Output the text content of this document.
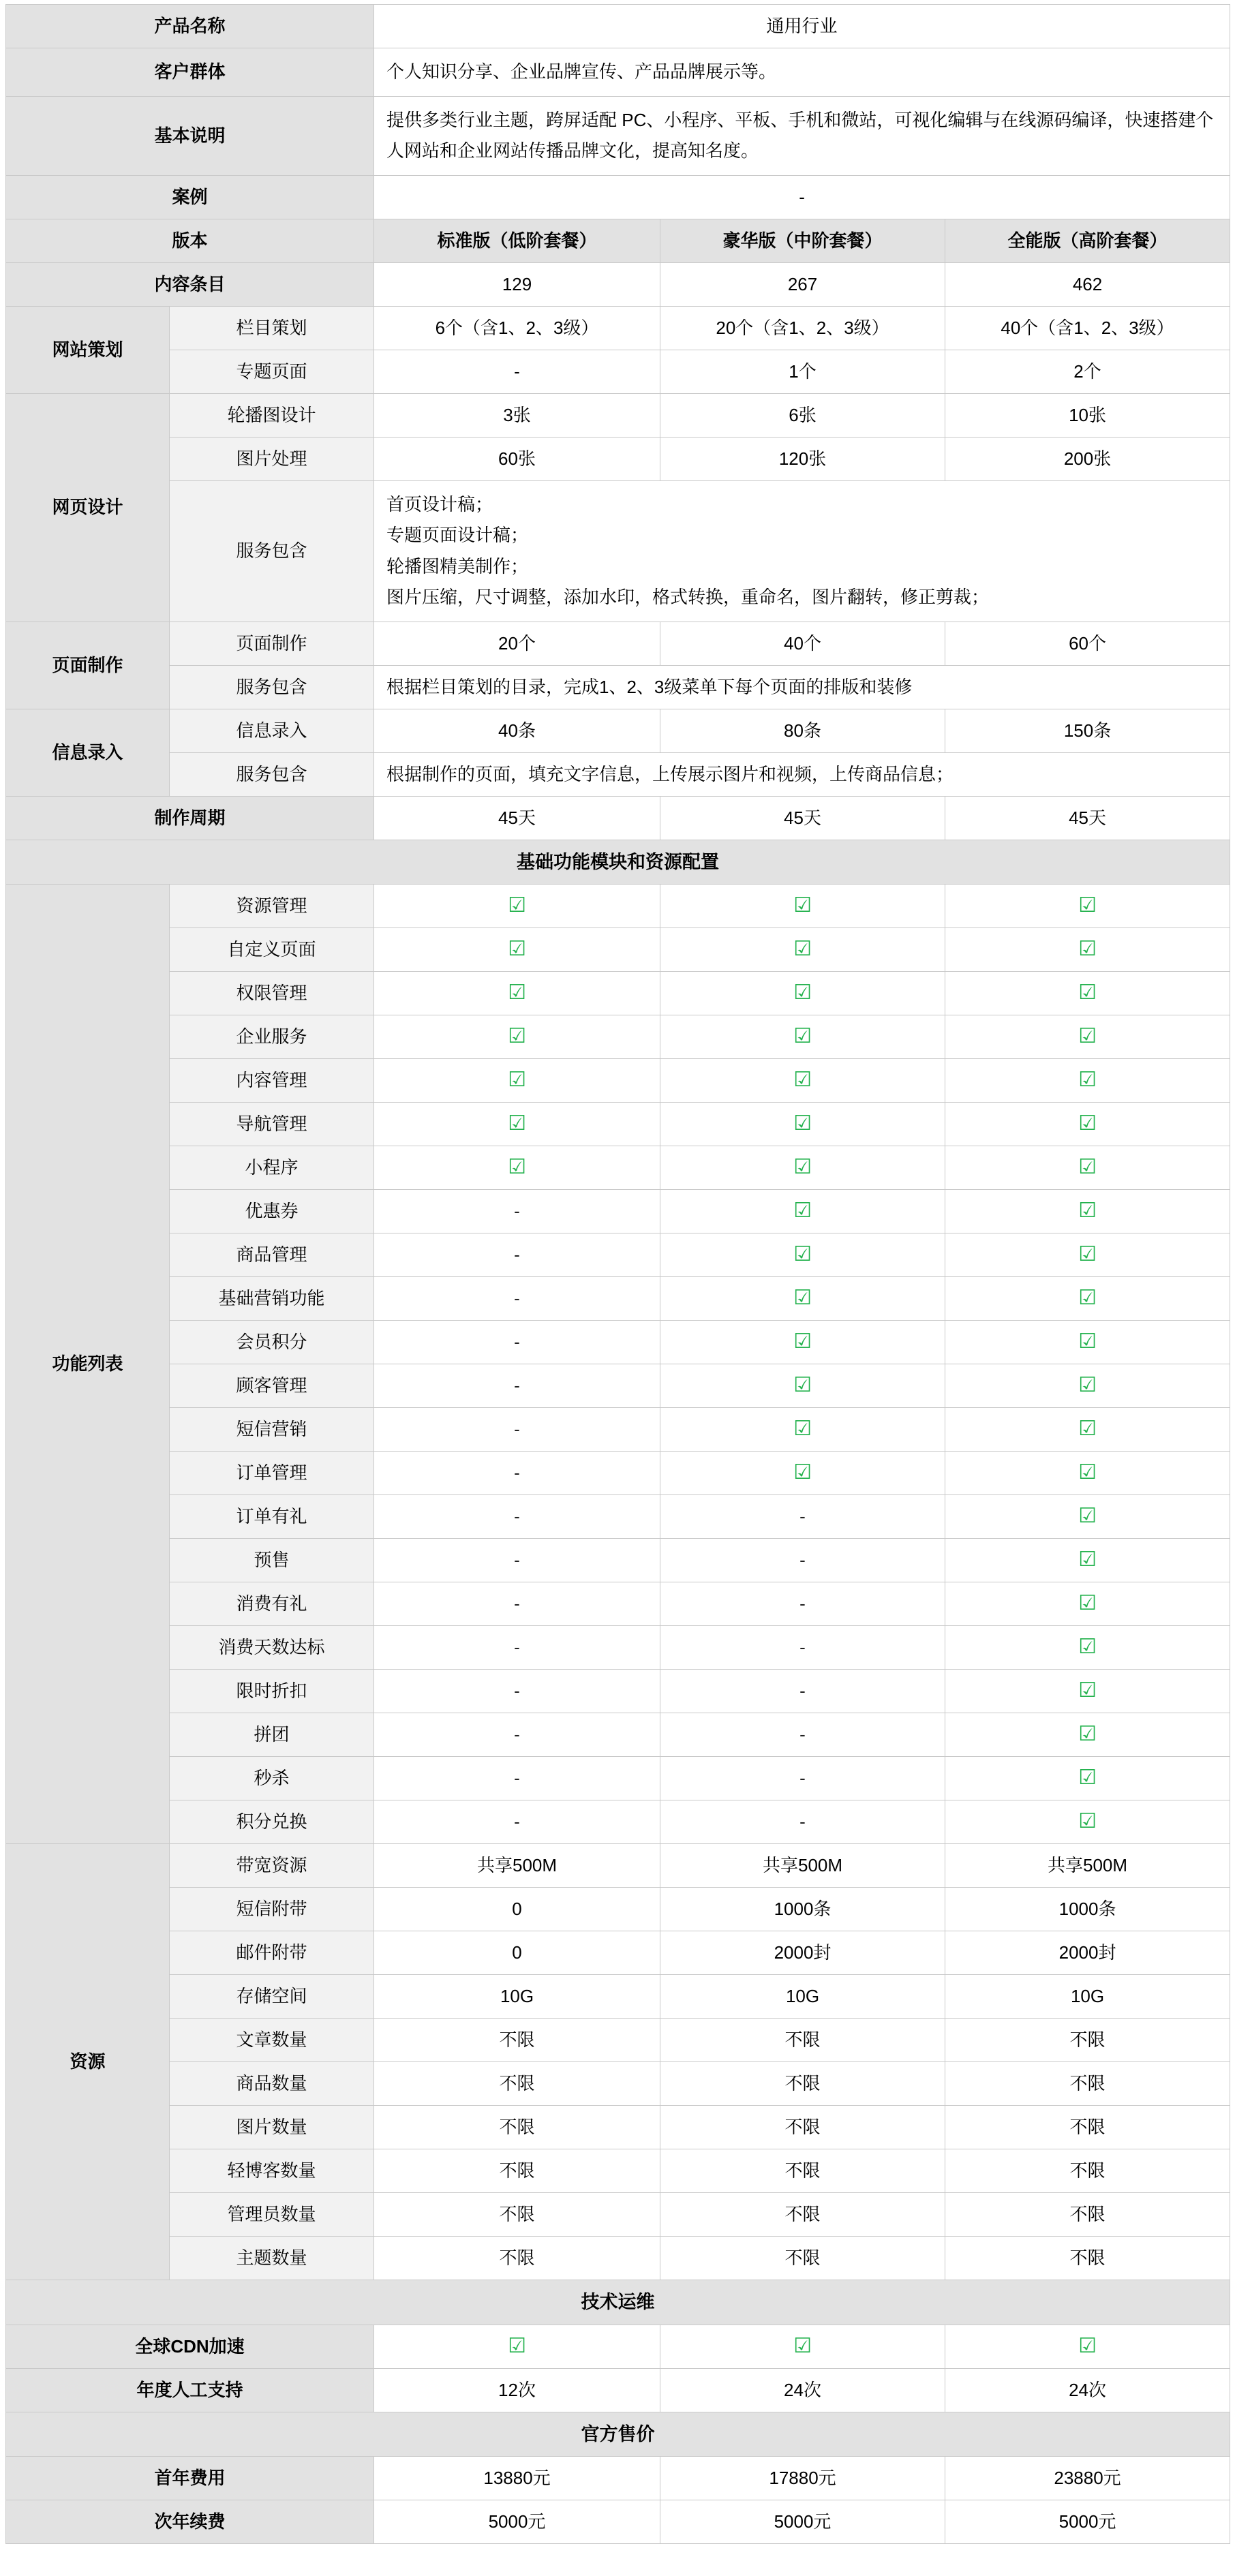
产品名称		通用行业		
客户群体		个人知识分享、企业品牌宣传、产品品牌展示等。		
基本说明		提供多类行业主题，跨屏适配 PC、小程序、平板、手机和微站，可视化编辑与在线源码编译，快速搭建个人网站和企业网站传播品牌文化，提高知名度。		
案例		-		
版本		标准版（低阶套餐）	豪华版（中阶套餐）	全能版（高阶套餐）
内容条目		129	267	462
网站策划	栏目策划	6个（含1、2、3级）	20个（含1、2、3级）	40个（含1、2、3级）
	专题页面	-	1个	2个
网页设计	轮播图设计	3张	6张	10张
	图片处理	60张	120张	200张
	服务包含	首页设计稿；
专题页面设计稿；
轮播图精美制作；
图片压缩，尺寸调整，添加水印，格式转换，重命名，图片翻转，修正剪裁；		
页面制作	页面制作	20个	40个	60个
	服务包含	根据栏目策划的目录，完成1、2、3级菜单下每个页面的排版和装修		
信息录入	信息录入	40条	80条	150条
	服务包含	根据制作的页面，填充文字信息，上传展示图片和视频，上传商品信息；		
制作周期		45天	45天	45天
基础功能模块和资源配置				
功能列表	资源管理	☑	☑	☑
	自定义页面	☑	☑	☑
	权限管理	☑	☑	☑
	企业服务	☑	☑	☑
	内容管理	☑	☑	☑
	导航管理	☑	☑	☑
	小程序	☑	☑	☑
	优惠券	-	☑	☑
	商品管理	-	☑	☑
	基础营销功能	-	☑	☑
	会员积分	-	☑	☑
	顾客管理	-	☑	☑
	短信营销	-	☑	☑
	订单管理	-	☑	☑
	订单有礼	-	-	☑
	预售	-	-	☑
	消费有礼	-	-	☑
	消费天数达标	-	-	☑
	限时折扣	-	-	☑
	拼团	-	-	☑
	秒杀	-	-	☑
	积分兑换	-	-	☑
资源	带宽资源	共享500M	共享500M	共享500M
	短信附带	0	1000条	1000条
	邮件附带	0	2000封	2000封
	存储空间	10G	10G	10G
	文章数量	不限	不限	不限
	商品数量	不限	不限	不限
	图片数量	不限	不限	不限
	轻博客数量	不限	不限	不限
	管理员数量	不限	不限	不限
	主题数量	不限	不限	不限
技术运维				
全球CDN加速		☑	☑	☑
年度人工支持		12次	24次	24次
官方售价				
首年费用		13880元	17880元	23880元
次年续费		5000元	5000元	5000元
